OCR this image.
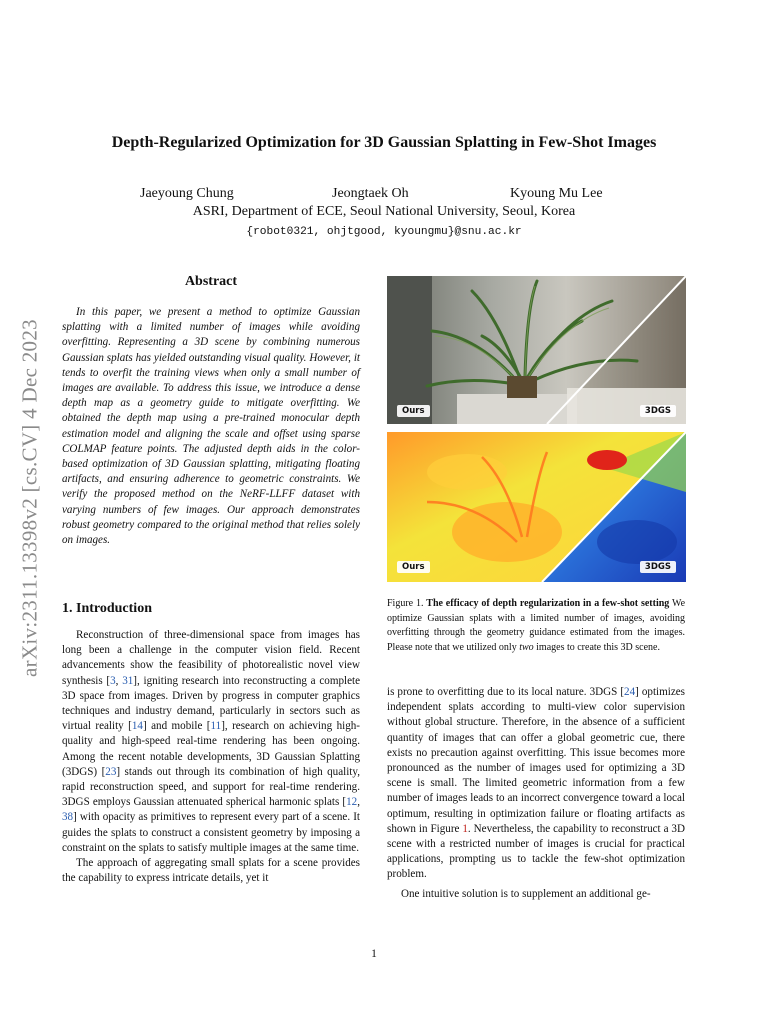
Depth-Regularized Optimization for 3D Gaussian Splatting in Few-Shot Images
Jaeyoung Chung	Jeongtaek Oh	Kyoung Mu Lee
ASRI, Department of ECE, Seoul National University, Seoul, Korea
{robot0321, ohjtgood, kyoungmu}@snu.ac.kr
arXiv:2311.13398v2 [cs.CV] 4 Dec 2023
Abstract
In this paper, we present a method to optimize Gaussian splatting with a limited number of images while avoiding overfitting. Representing a 3D scene by combining numerous Gaussian splats has yielded outstanding visual quality. However, it tends to overfit the training views when only a small number of images are available. To address this issue, we introduce a dense depth map as a geometry guide to mitigate overfitting. We obtained the depth map using a pre-trained monocular depth estimation model and aligning the scale and offset using sparse COLMAP feature points. The adjusted depth aids in the color-based optimization of 3D Gaussian splatting, mitigating floating artifacts, and ensuring adherence to geometric constraints. We verify the proposed method on the NeRF-LLFF dataset with varying numbers of few images. Our approach demonstrates robust geometry compared to the original method that relies solely on images.
1. Introduction

Reconstruction of three-dimensional space from images has long been a challenge in the computer vision field. Recent advancements show the feasibility of photorealistic novel view synthesis [3, 31], igniting research into reconstructing a complete 3D space from images. Driven by progress in computer graphics techniques and industry demand, particularly in sectors such as virtual reality [14] and mobile [11], research on achieving high-quality and high-speed real-time rendering has been ongoing. Among the recent notable developments, 3D Gaussian Splatting (3DGS) [23] stands out through its combination of high quality, rapid reconstruction speed, and support for real-time rendering. 3DGS employs Gaussian attenuated spherical harmonic splats [12, 38] with opacity as primitives to represent every part of a scene. It guides the splats to construct a consistent geometry by imposing a constraint on the splats to satisfy multiple images at the same time.

The approach of aggregating small splats for a scene provides the capability to express intricate details, yet it

Ours	3DGS
Ours	3DGS
Figure 1. The efficacy of depth regularization in a few-shot setting We optimize Gaussian splats with a limited number of images, avoiding overfitting through the geometry guidance estimated from the images. Please note that we utilized only two images to create this 3D scene.

is prone to overfitting due to its local nature. 3DGS [24] optimizes independent splats according to multi-view color supervision without global structure. Therefore, in the absence of a sufficient quantity of images that can offer a global geometric cue, there exists no precaution against overfitting. This issue becomes more pronounced as the number of images used for optimizing a 3D scene is small. The limited geometric information from a few number of images leads to an incorrect convergence toward a local optimum, resulting in optimization failure or floating artifacts as shown in Figure 1. Nevertheless, the capability to reconstruct a 3D scene with a restricted number of images is crucial for practical applications, prompting us to tackle the few-shot optimization problem.

One intuitive solution is to supplement an additional ge-

1
